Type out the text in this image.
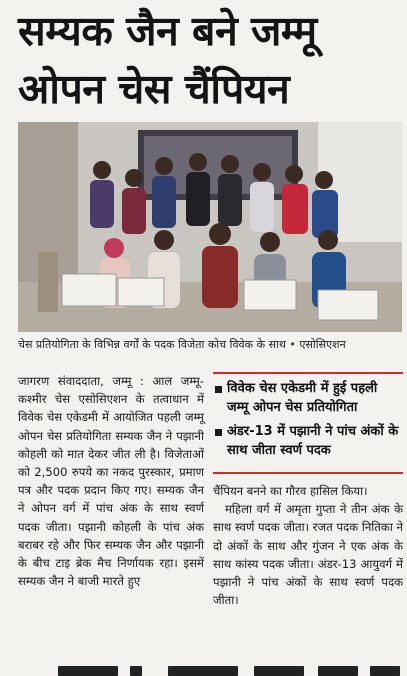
सम्यक जैन बने जम्मू
ओपन चेस चैंपियन
चेस प्रतियोगिता के विभिन्न वर्गों के पदक विजेता कोच विवेक के साथ • एसोसिएशन

जागरण संवाददाता, जम्मू : आल जम्मू-कश्मीर चेस एसोसिएशन के तत्वाधान में विवेक चेस एकेडमी में आयोजित पहली जम्मू ओपन चेस प्रतियोगिता सम्यक जैन ने पझानी कोहली को मात देकर जीत ली है। विजेताओं को 2,500 रुपये का नकद पुरस्कार, प्रमाण पत्र और पदक प्रदान किए गए। सम्यक जैन ने ओपन वर्ग में पांच अंक के साथ स्वर्ण पदक जीता। पझानी कोहली के पांच अंक बराबर रहे और फिर सम्यक जैन और पझानी के बीच टाइ ब्रेक मैच निर्णायक रहा। इसमें सम्यक जैन ने बाजी मारते हुए

विवेक चेस एकेडमी में हुई पहली जम्मू ओपन चेस प्रतियोगिता
अंडर-13 में पझानी ने पांच अंकों के साथ जीता स्वर्ण पदक

चैंपियन बनने का गौरव हासिल किया।

महिला वर्ग में अमृता गुप्ता ने तीन अंक के साथ स्वर्ण पदक जीता। रजत पदक नितिका ने दो अंकों के साथ और गुंजन ने एक अंक के साथ कांस्य पदक जीता। अंडर-13 आयुवर्ग में पझानी ने पांच अंकों के साथ स्वर्ण पदक जीता।
